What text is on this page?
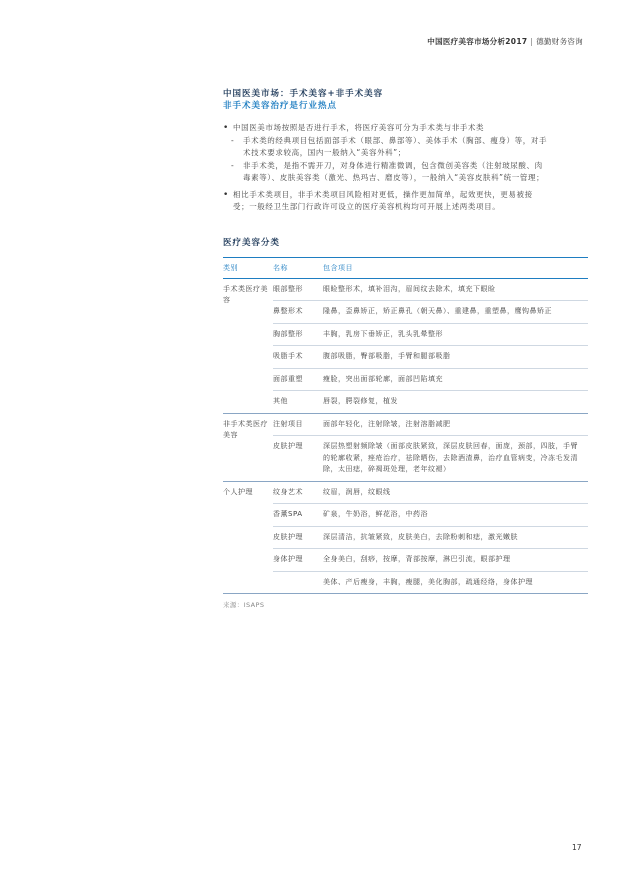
中国医疗美容市场分析2017 | 德勤财务咨询
中国医美市场：手术美容+非手术美容
非手术美容治疗是行业热点
• 中国医美市场按照是否进行手术，将医疗美容可分为手术类与非手术类
- 手术类的经典项目包括面部手术（眼部、鼻部等）、美体手术（胸部、瘦身）等，对手
术技术要求较高，国内一般纳入“美容外科”；
- 非手术类，是指不需开刀，对身体进行精准微调，包含微创美容类（注射玻尿酸、肉
毒素等）、皮肤美容类（激光、热玛吉、磨皮等），一般纳入“美容皮肤科”统一管理；
• 相比手术类项目，非手术类项目风险相对更低，操作更加简单，起效更快，更易被接
受；一般经卫生部门行政许可设立的医疗美容机构均可开展上述两类项目。
医疗美容分类
类别	名称	包含项目
手术类医疗美容	眼部整形	眼睑整形术，填补泪沟，眉间纹去除术，填充下眼睑
	鼻整形术	隆鼻，歪鼻矫正，矫正鼻孔（朝天鼻）、重建鼻，重塑鼻，鹰钩鼻矫正
	胸部整形	丰胸，乳房下垂矫正，乳头乳晕整形
	吸脂手术	腹部吸脂，臀部吸脂，手臂和腿部吸脂
	面部重塑	瘦脸，突出面部轮廓，面部凹陷填充
	其他	唇裂，腭裂修复，植发
非手术类医疗美容	注射项目	面部年轻化，注射除皱，注射溶脂减肥
	皮肤护理	深层热塑射频除皱（面部皮肤紧致，深层皮肤回春，面庞，颈部，四肢，手臂的轮廓收紧，痤疮治疗，祛除晒伤，去除酒渣鼻，治疗血管病变，冷冻毛发清除，太田痣，碎褐斑处理，老年纹褪）
个人护理	纹身艺术	纹眉，润唇，纹眼线
	香薰SPA	矿泉，牛奶浴，鲜花浴，中药浴
	皮肤护理	深层清洁，抗皱紧致，皮肤美白，去除粉刺和痣，激光嫩肤
	身体护理	全身美白，刮痧，按摩，背部按摩，淋巴引流，眼部护理
		美体、产后瘦身，丰胸，瘦腿，美化胸部，疏通经络，身体护理
来源：ISAPS
17
